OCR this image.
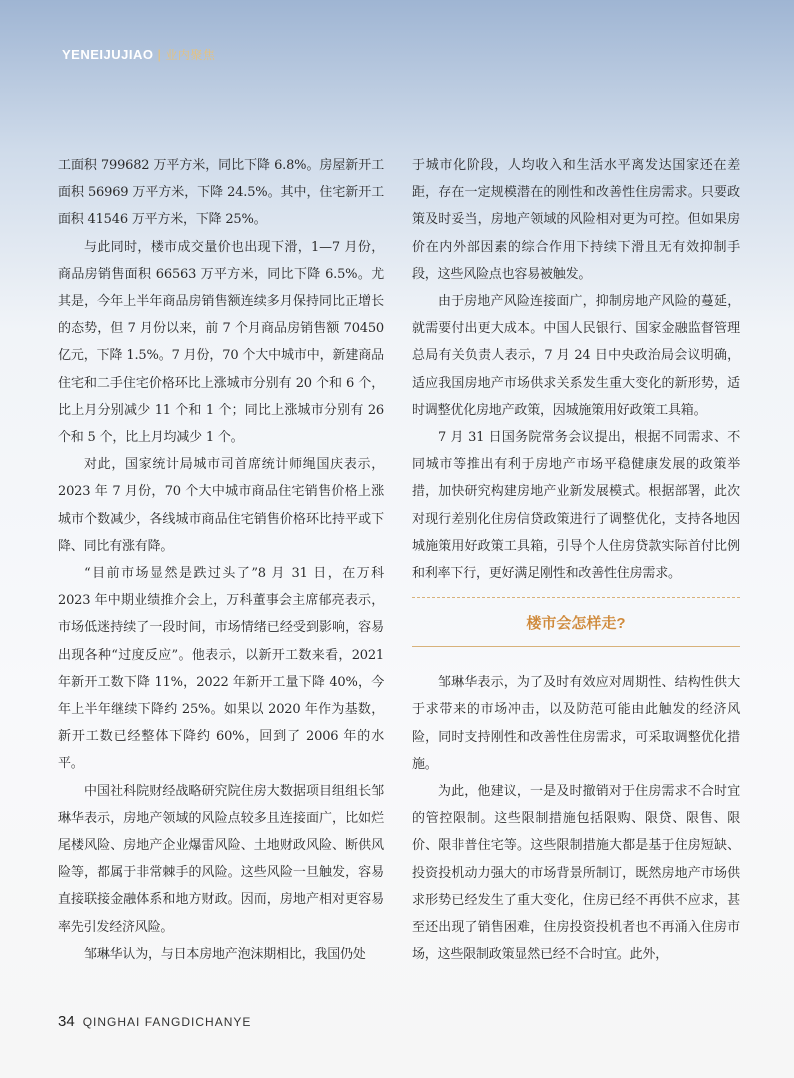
YENEIJUJIAO | 业内聚焦

工面积 799682 万平方米，同比下降 6.8%。房屋新开工面积 56969 万平方米，下降 24.5%。其中，住宅新开工面积 41546 万平方米，下降 25%。

与此同时，楼市成交量价也出现下滑，1—7 月份，商品房销售面积 66563 万平方米，同比下降 6.5%。尤其是，今年上半年商品房销售额连续多月保持同比正增长的态势，但 7 月份以来，前 7 个月商品房销售额 70450 亿元，下降 1.5%。7 月份，70 个大中城市中，新建商品住宅和二手住宅价格环比上涨城市分别有 20 个和 6 个，比上月分别减少 11 个和 1 个；同比上涨城市分别有 26 个和 5 个，比上月均减少 1 个。

对此，国家统计局城市司首席统计师绳国庆表示，2023 年 7 月份，70 个大中城市商品住宅销售价格上涨城市个数减少，各线城市商品住宅销售价格环比持平或下降、同比有涨有降。

“目前市场显然是跌过头了”8 月 31 日，在万科 2023 年中期业绩推介会上，万科董事会主席郁亮表示，市场低迷持续了一段时间，市场情绪已经受到影响，容易出现各种“过度反应”。他表示，以新开工数来看，2021 年新开工数下降 11%，2022 年新开工量下降 40%，今年上半年继续下降约 25%。如果以 2020 年作为基数，新开工数已经整体下降约 60%，回到了 2006 年的水平。

中国社科院财经战略研究院住房大数据项目组组长邹琳华表示，房地产领域的风险点较多且连接面广，比如烂尾楼风险、房地产企业爆雷风险、土地财政风险、断供风险等，都属于非常棘手的风险。这些风险一旦触发，容易直接联接金融体系和地方财政。因而，房地产相对更容易率先引发经济风险。

邹琳华认为，与日本房地产泡沫期相比，我国仍处

于城市化阶段，人均收入和生活水平离发达国家还在差距，存在一定规模潜在的刚性和改善性住房需求。只要政策及时妥当，房地产领域的风险相对更为可控。但如果房价在内外部因素的综合作用下持续下滑且无有效抑制手段，这些风险点也容易被触发。

由于房地产风险连接面广，抑制房地产风险的蔓延，就需要付出更大成本。中国人民银行、国家金融监督管理总局有关负责人表示，7 月 24 日中央政治局会议明确，适应我国房地产市场供求关系发生重大变化的新形势，适时调整优化房地产政策，因城施策用好政策工具箱。

7 月 31 日国务院常务会议提出，根据不同需求、不同城市等推出有利于房地产市场平稳健康发展的政策举措，加快研究构建房地产业新发展模式。根据部署，此次对现行差别化住房信贷政策进行了调整优化，支持各地因城施策用好政策工具箱，引导个人住房贷款实际首付比例和利率下行，更好满足刚性和改善性住房需求。

楼市会怎样走?

邹琳华表示，为了及时有效应对周期性、结构性供大于求带来的市场冲击，以及防范可能由此触发的经济风险，同时支持刚性和改善性住房需求，可采取调整优化措施。

为此，他建议，一是及时撤销对于住房需求不合时宜的管控限制。这些限制措施包括限购、限贷、限售、限价、限非普住宅等。这些限制措施大都是基于住房短缺、投资投机动力强大的市场背景所制订，既然房地产市场供求形势已经发生了重大变化，住房已经不再供不应求，甚至还出现了销售困难，住房投资投机者也不再涌入住房市场，这些限制政策显然已经不合时宜。此外，

34 QINGHAI FANGDICHANYE
